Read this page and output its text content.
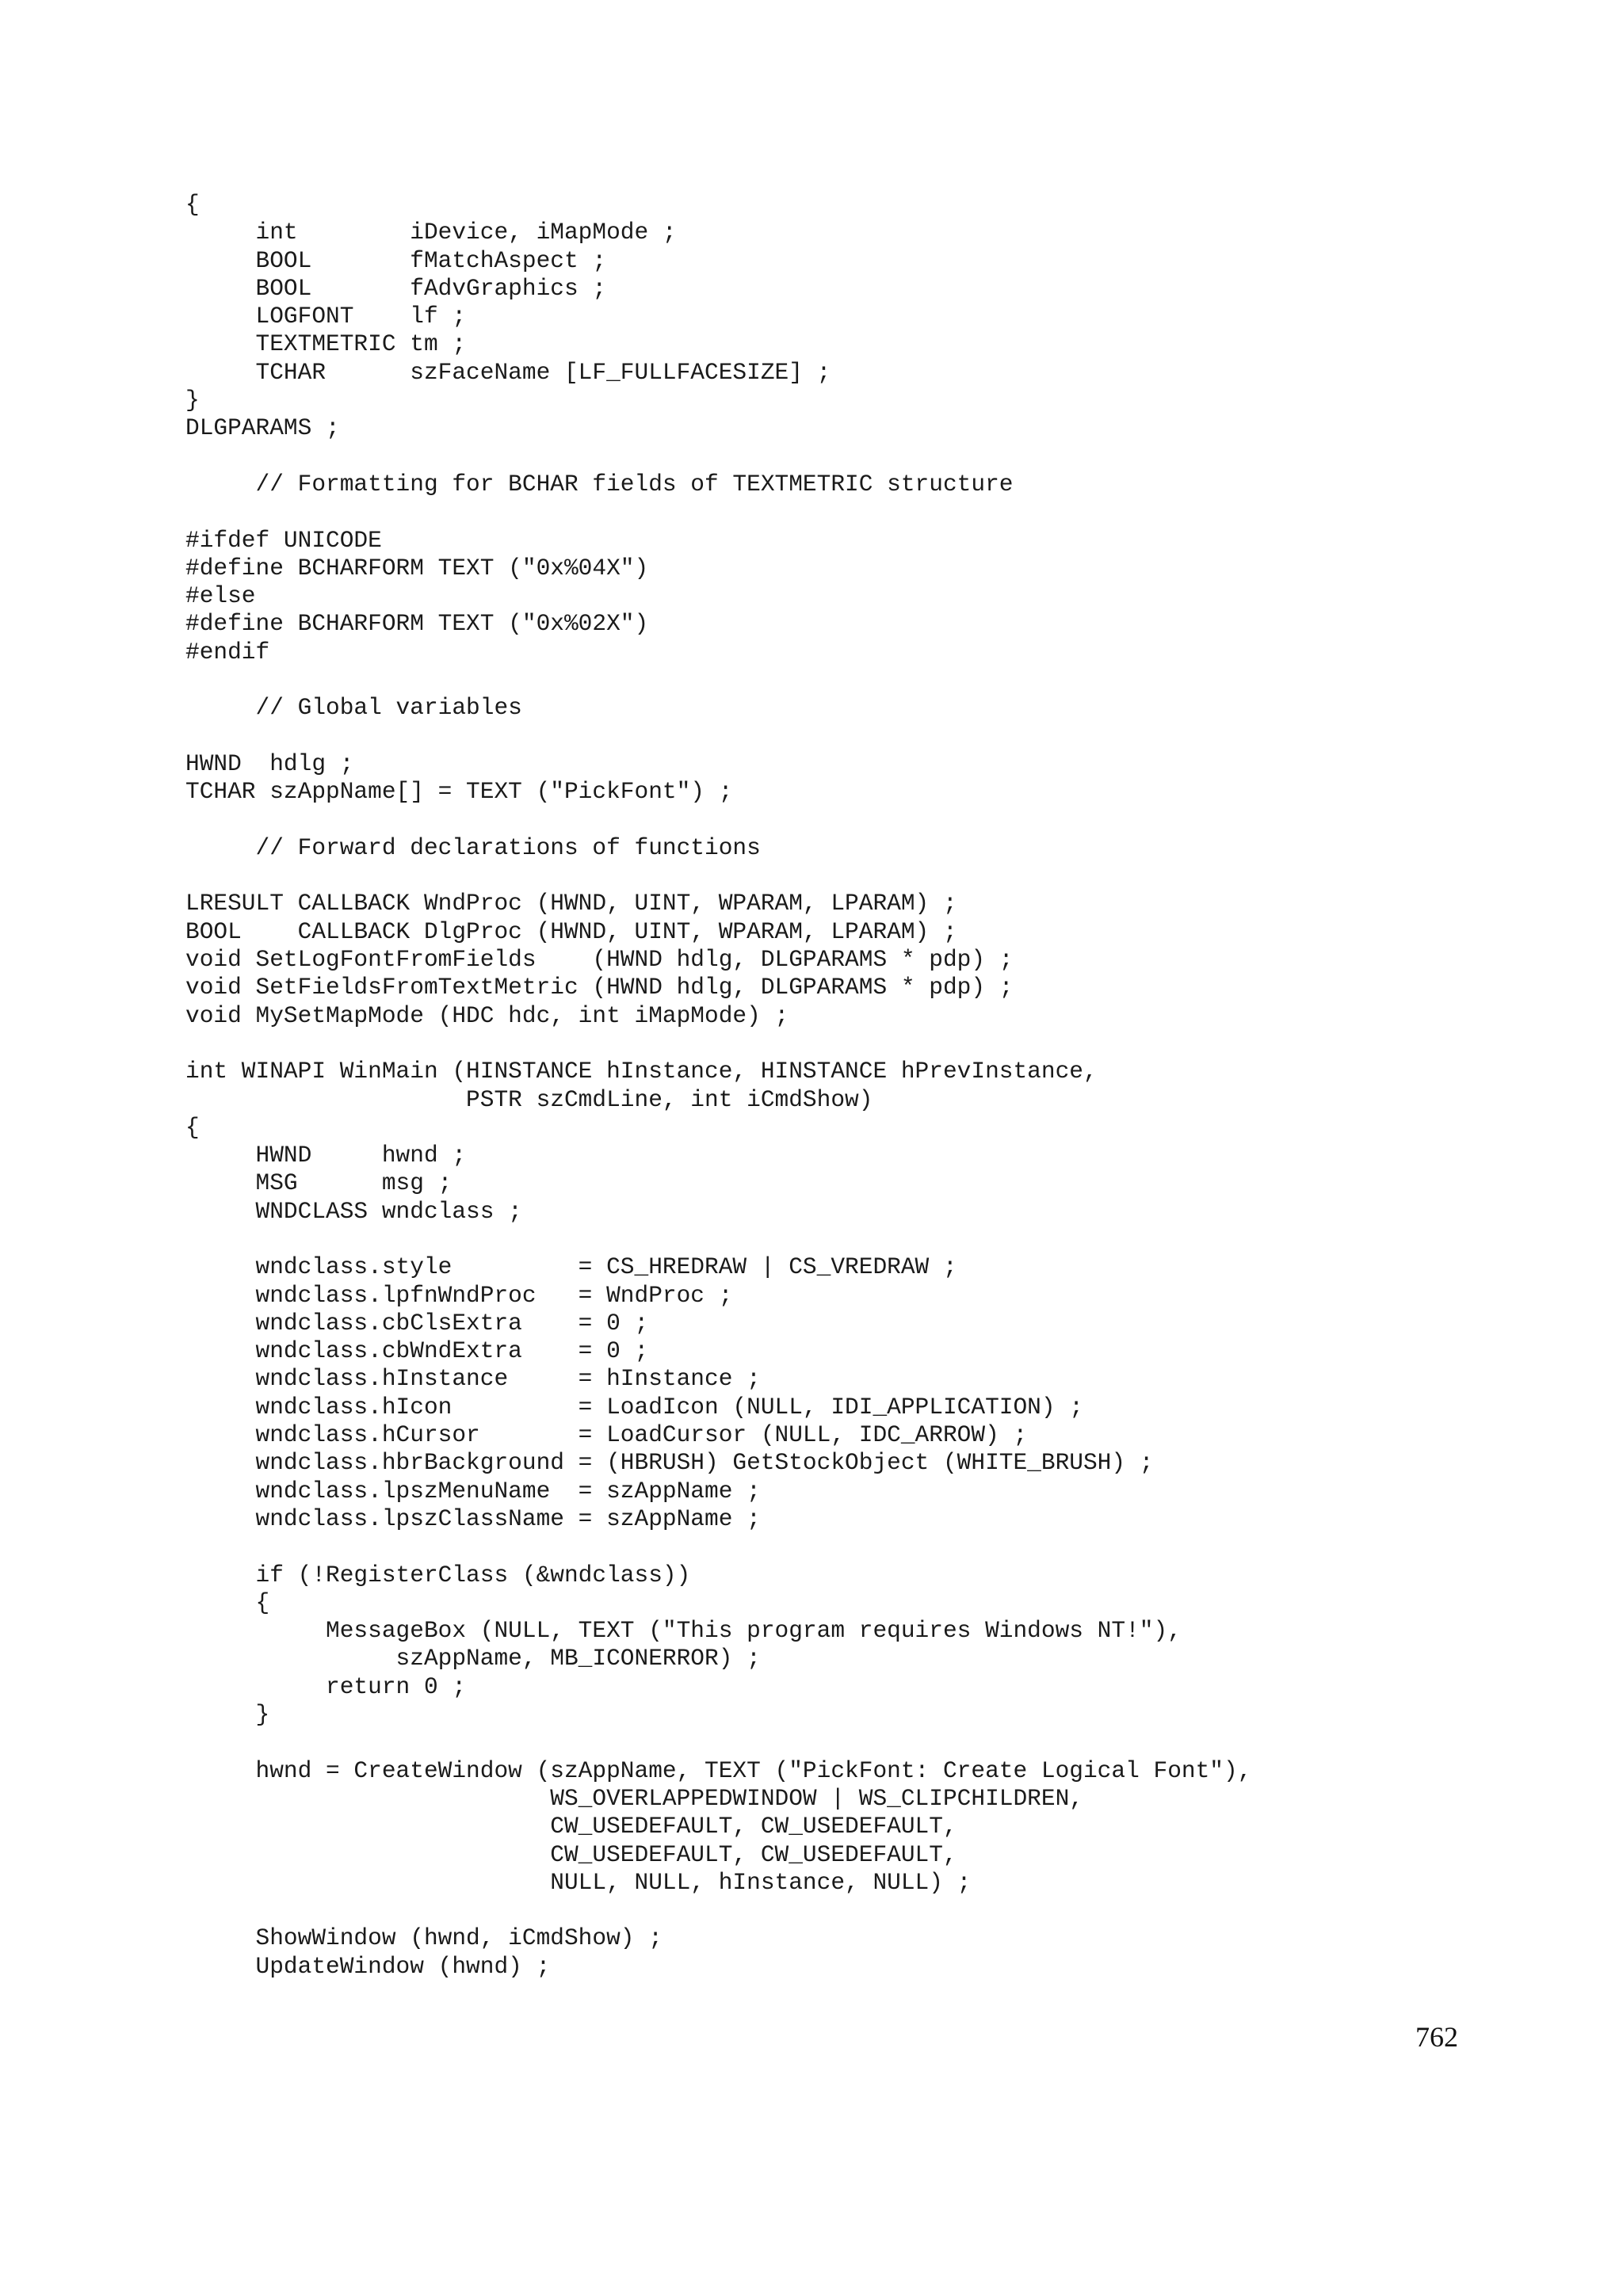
{
int        iDevice, iMapMode ;
BOOL       fMatchAspect ;
BOOL       fAdvGraphics ;
LOGFONT    lf ;
TEXTMETRIC tm ;
TCHAR      szFaceName [LF_FULLFACESIZE] ;
}
DLGPARAMS ;

// Formatting for BCHAR fields of TEXTMETRIC structure

#ifdef UNICODE
#define BCHARFORM TEXT ("0x%04X")
#else
#define BCHARFORM TEXT ("0x%02X")
#endif

// Global variables

HWND  hdlg ;
TCHAR szAppName[] = TEXT ("PickFont") ;

// Forward declarations of functions

LRESULT CALLBACK WndProc (HWND, UINT, WPARAM, LPARAM) ;
BOOL    CALLBACK DlgProc (HWND, UINT, WPARAM, LPARAM) ;
void SetLogFontFromFields    (HWND hdlg, DLGPARAMS * pdp) ;
void SetFieldsFromTextMetric (HWND hdlg, DLGPARAMS * pdp) ;
void MySetMapMode (HDC hdc, int iMapMode) ;

int WINAPI WinMain (HINSTANCE hInstance, HINSTANCE hPrevInstance,
PSTR szCmdLine, int iCmdShow)
{
HWND     hwnd ;
MSG      msg ;
WNDCLASS wndclass ;

wndclass.style         = CS_HREDRAW | CS_VREDRAW ;
wndclass.lpfnWndProc   = WndProc ;
wndclass.cbClsExtra    = 0 ;
wndclass.cbWndExtra    = 0 ;
wndclass.hInstance     = hInstance ;
wndclass.hIcon         = LoadIcon (NULL, IDI_APPLICATION) ;
wndclass.hCursor       = LoadCursor (NULL, IDC_ARROW) ;
wndclass.hbrBackground = (HBRUSH) GetStockObject (WHITE_BRUSH) ;
wndclass.lpszMenuName  = szAppName ;
wndclass.lpszClassName = szAppName ;

if (!RegisterClass (&wndclass))
{
MessageBox (NULL, TEXT ("This program requires Windows NT!"),
szAppName, MB_ICONERROR) ;
return 0 ;
}

hwnd = CreateWindow (szAppName, TEXT ("PickFont: Create Logical Font"),
WS_OVERLAPPEDWINDOW | WS_CLIPCHILDREN,
CW_USEDEFAULT, CW_USEDEFAULT,
CW_USEDEFAULT, CW_USEDEFAULT,
NULL, NULL, hInstance, NULL) ;

ShowWindow (hwnd, iCmdShow) ;
UpdateWindow (hwnd) ;
762
